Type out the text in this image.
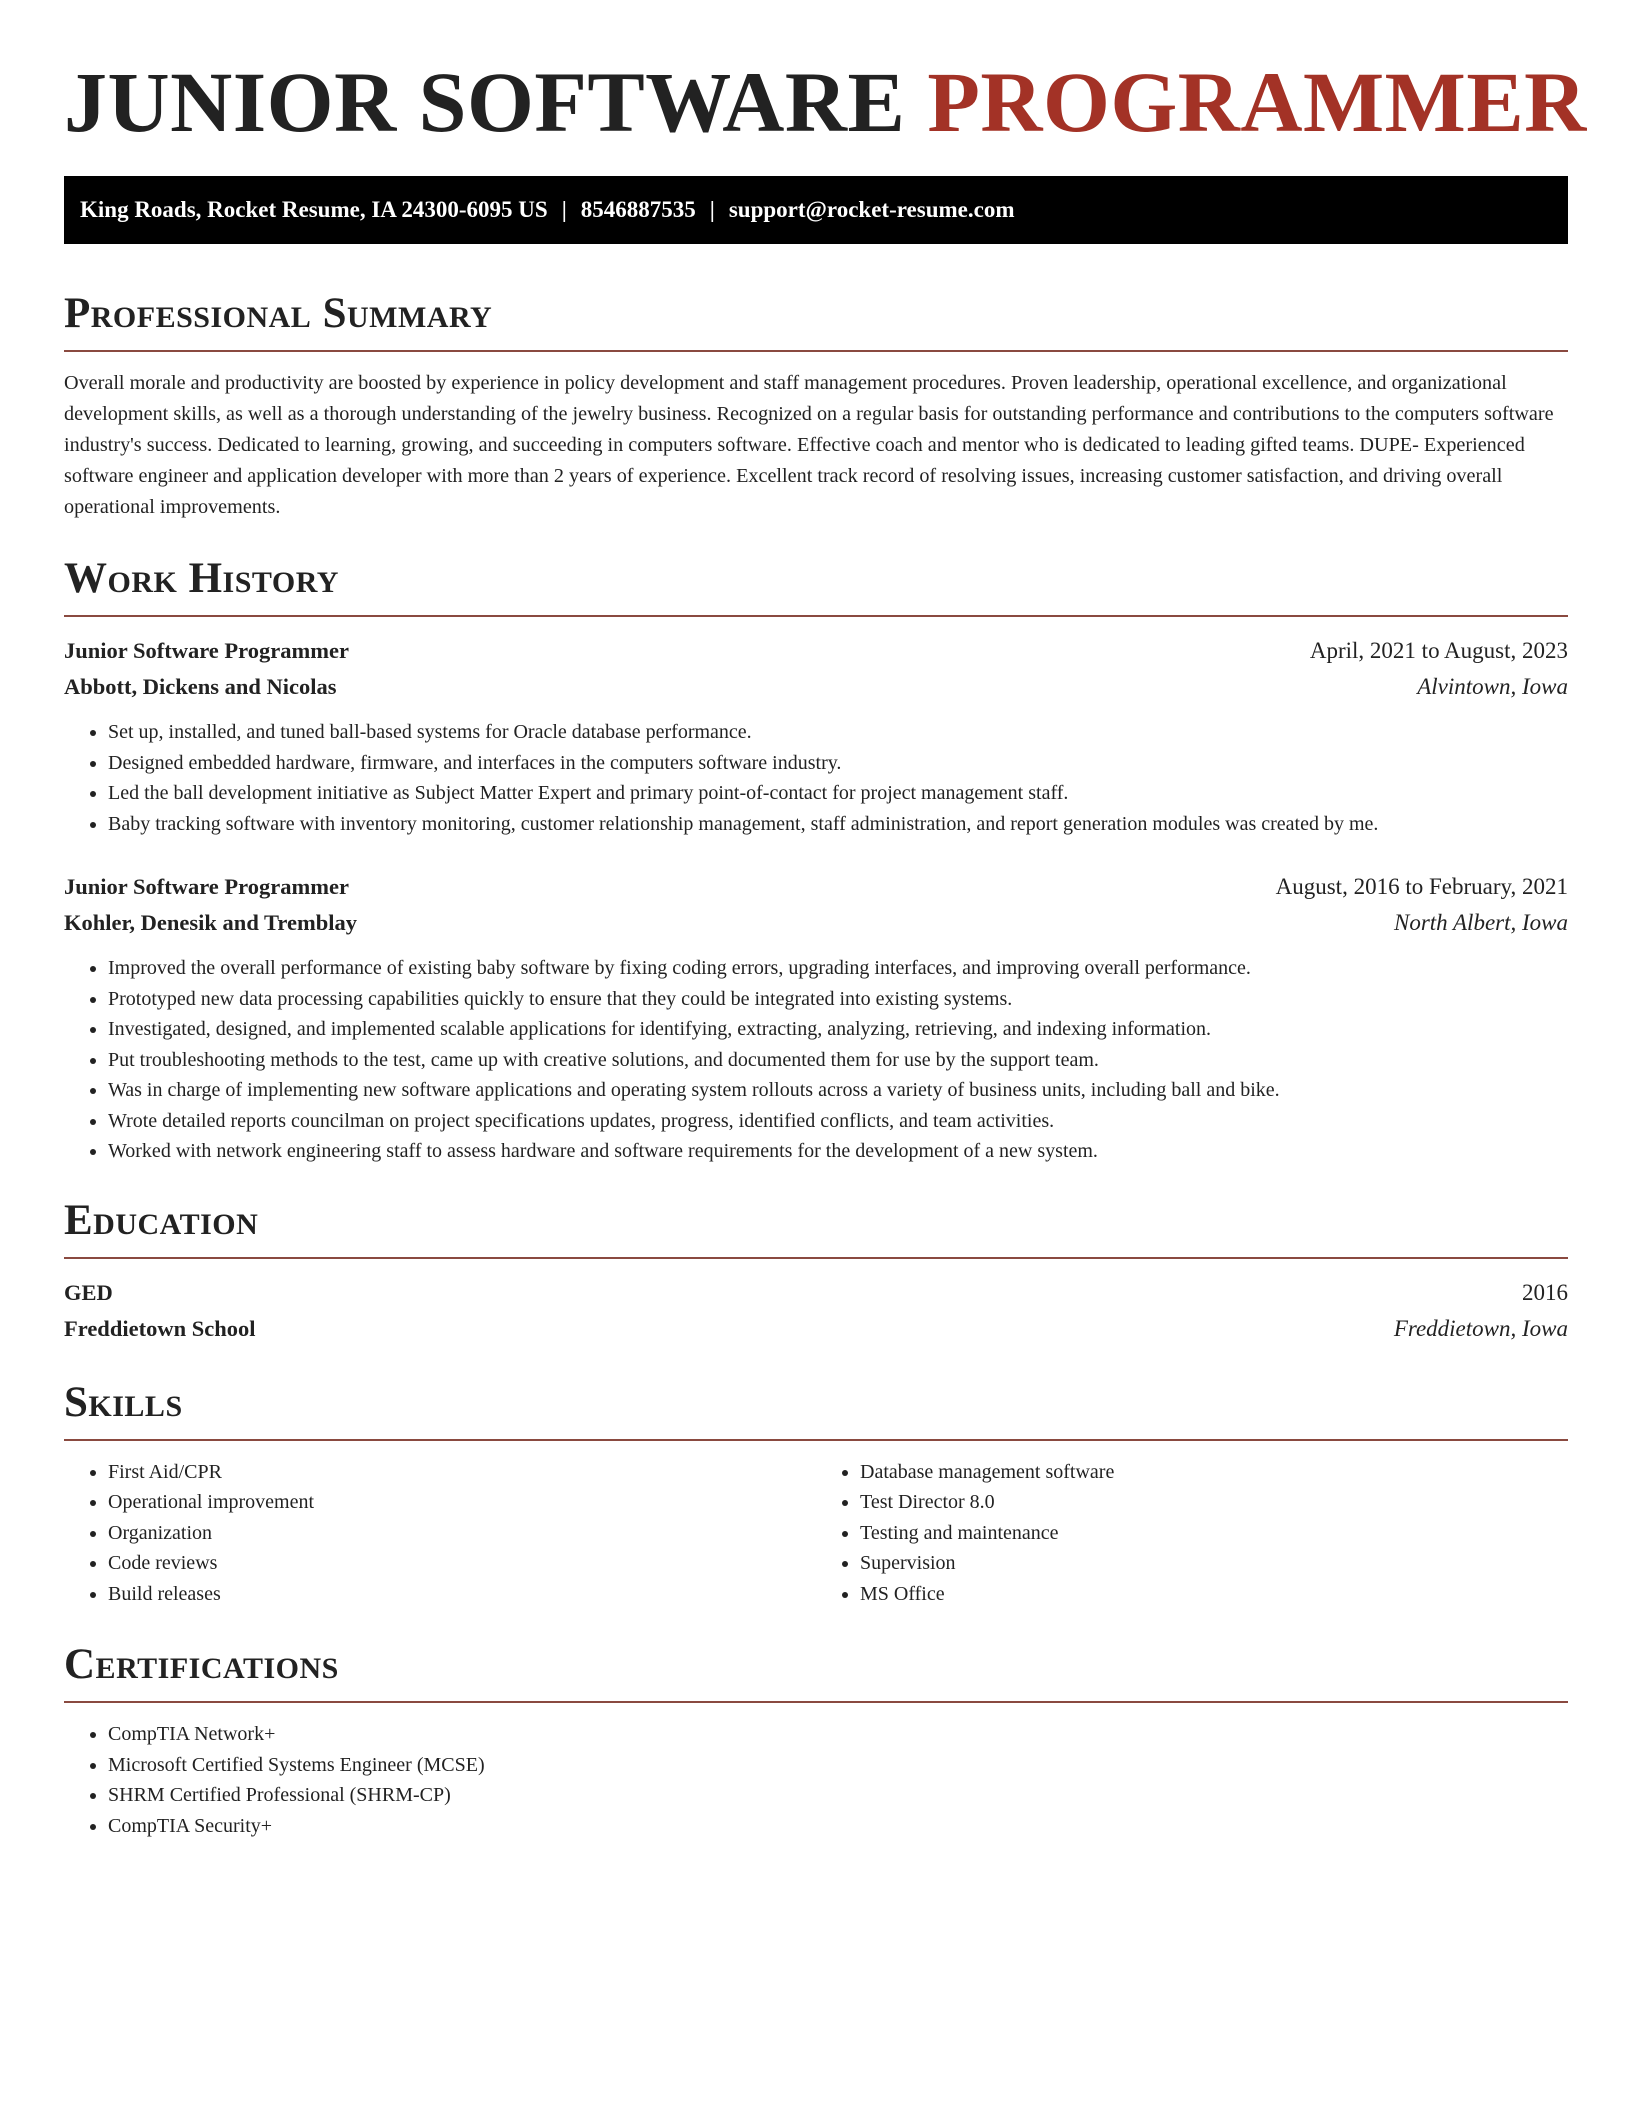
JUNIOR SOFTWARE PROGRAMMER
King Roads, Rocket Resume, IA 24300-6095 US | 8546887535 | support@rocket-resume.com
Professional Summary

Overall morale and productivity are boosted by experience in policy development and staff management procedures. Proven leadership, operational excellence, and organizational development skills, as well as a thorough understanding of the jewelry business. Recognized on a regular basis for outstanding performance and contributions to the computers software industry's success. Dedicated to learning, growing, and succeeding in computers software. Effective coach and mentor who is dedicated to leading gifted teams. DUPE- Experienced software engineer and application developer with more than 2 years of experience. Excellent track record of resolving issues, increasing customer satisfaction, and driving overall operational improvements.

Work History
Junior Software Programmer	April, 2021 to August, 2023
Abbott, Dickens and Nicolas	Alvintown, Iowa
• Set up, installed, and tuned ball-based systems for Oracle database performance.
• Designed embedded hardware, firmware, and interfaces in the computers software industry.
• Led the ball development initiative as Subject Matter Expert and primary point-of-contact for project management staff.
• Baby tracking software with inventory monitoring, customer relationship management, staff administration, and report generation modules was created by me.
Junior Software Programmer	August, 2016 to February, 2021
Kohler, Denesik and Tremblay	North Albert, Iowa
• Improved the overall performance of existing baby software by fixing coding errors, upgrading interfaces, and improving overall performance.
• Prototyped new data processing capabilities quickly to ensure that they could be integrated into existing systems.
• Investigated, designed, and implemented scalable applications for identifying, extracting, analyzing, retrieving, and indexing information.
• Put troubleshooting methods to the test, came up with creative solutions, and documented them for use by the support team.
• Was in charge of implementing new software applications and operating system rollouts across a variety of business units, including ball and bike.
• Wrote detailed reports councilman on project specifications updates, progress, identified conflicts, and team activities.
• Worked with network engineering staff to assess hardware and software requirements for the development of a new system.
Education
GED	2016
Freddietown School	Freddietown, Iowa
Skills
• First Aid/CPR
• Operational improvement
• Organization
• Code reviews
• Build releases
• Database management software
• Test Director 8.0
• Testing and maintenance
• Supervision
• MS Office
Certifications
• CompTIA Network+
• Microsoft Certified Systems Engineer (MCSE)
• SHRM Certified Professional (SHRM-CP)
• CompTIA Security+
